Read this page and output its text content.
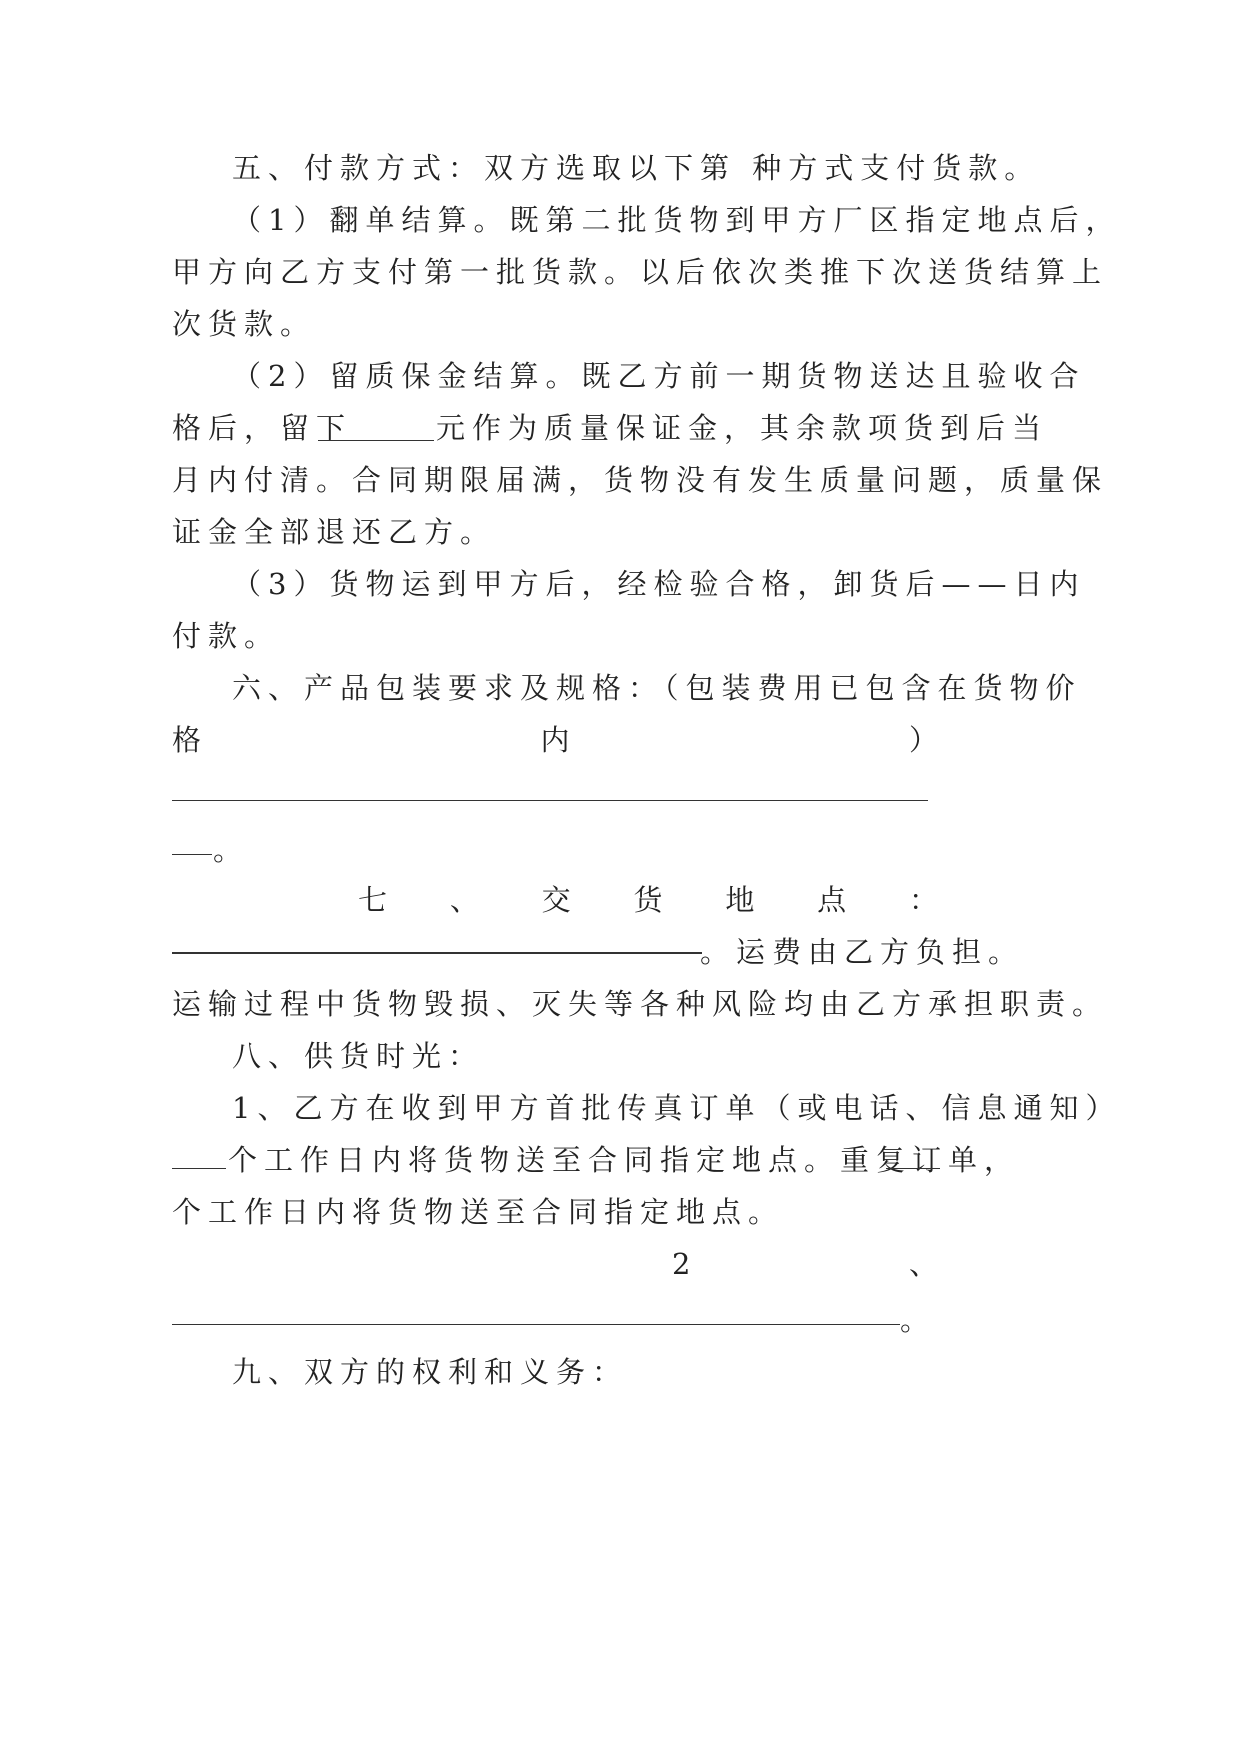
五、付款方式：双方选取以下第 种方式支付货款。
（1）翻单结算。既第二批货物到甲方厂区指定地点后，
甲方向乙方支付第一批货款。以后依次类推下次送货结算上
次货款。
（2）留质保金结算。既乙方前一期货物送达且验收合
格后，留下	元作为质量保证金，其余款项货到后当
月内付清。合同期限届满，货物没有发生质量问题，质量保
证金全部退还乙方。
（3）货物运到甲方后，经检验合格，卸货后——日内
付款。
六、产品包装要求及规格：（包装费用已包含在货物价
格	内	）
。
七 、 交 货 地 点 ：
。运费由乙方负担。
运输过程中货物毁损、灭失等各种风险均由乙方承担职责。
八、供货时光：
1、乙方在收到甲方首批传真订单（或电话、信息通知）
个工作日内将货物送至合同指定地点。重复订单，
个工作日内将货物送至合同指定地点。
2	、
。
九、双方的权利和义务：
